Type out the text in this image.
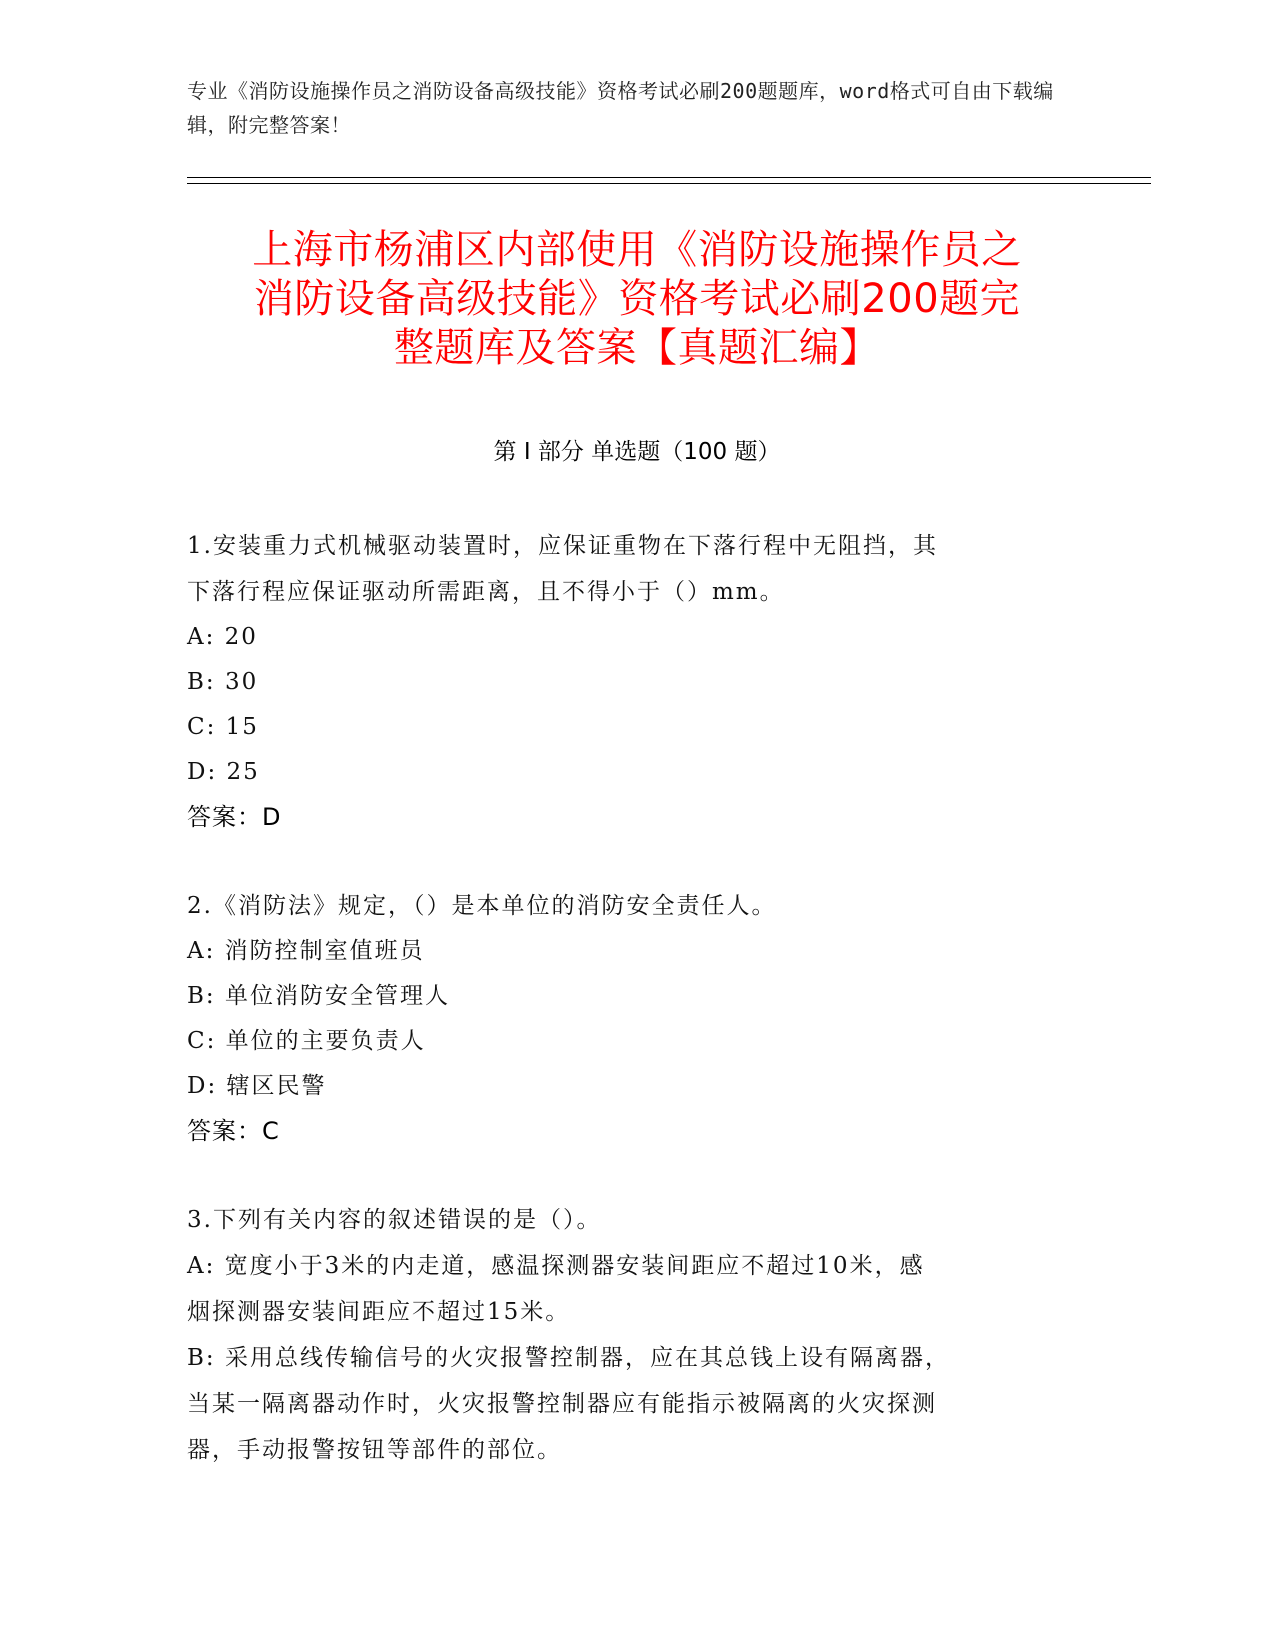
专业《消防设施操作员之消防设备高级技能》资格考试必刷200题题库，word格式可自由下载编辑，附完整答案！
上海市杨浦区内部使用《消防设施操作员之
消防设备高级技能》资格考试必刷200题完
整题库及答案【真题汇编】
第 I 部分 单选题（100 题）
1.安装重力式机械驱动装置时，应保证重物在下落行程中无阻挡，其
下落行程应保证驱动所需距离，且不得小于（）mm。
A: 20
B: 30
C: 15
D: 25
答案：D
2.《消防法》规定，（）是本单位的消防安全责任人。
A: 消防控制室值班员
B: 单位消防安全管理人
C: 单位的主要负责人
D: 辖区民警
答案：C
3.下列有关内容的叙述错误的是（）。
A: 宽度小于3米的内走道，感温探测器安装间距应不超过10米，感
烟探测器安装间距应不超过15米。
B: 采用总线传输信号的火灾报警控制器，应在其总钱上设有隔离器，
当某一隔离器动作时，火灾报警控制器应有能指示被隔离的火灾探测
器，手动报警按钮等部件的部位。
